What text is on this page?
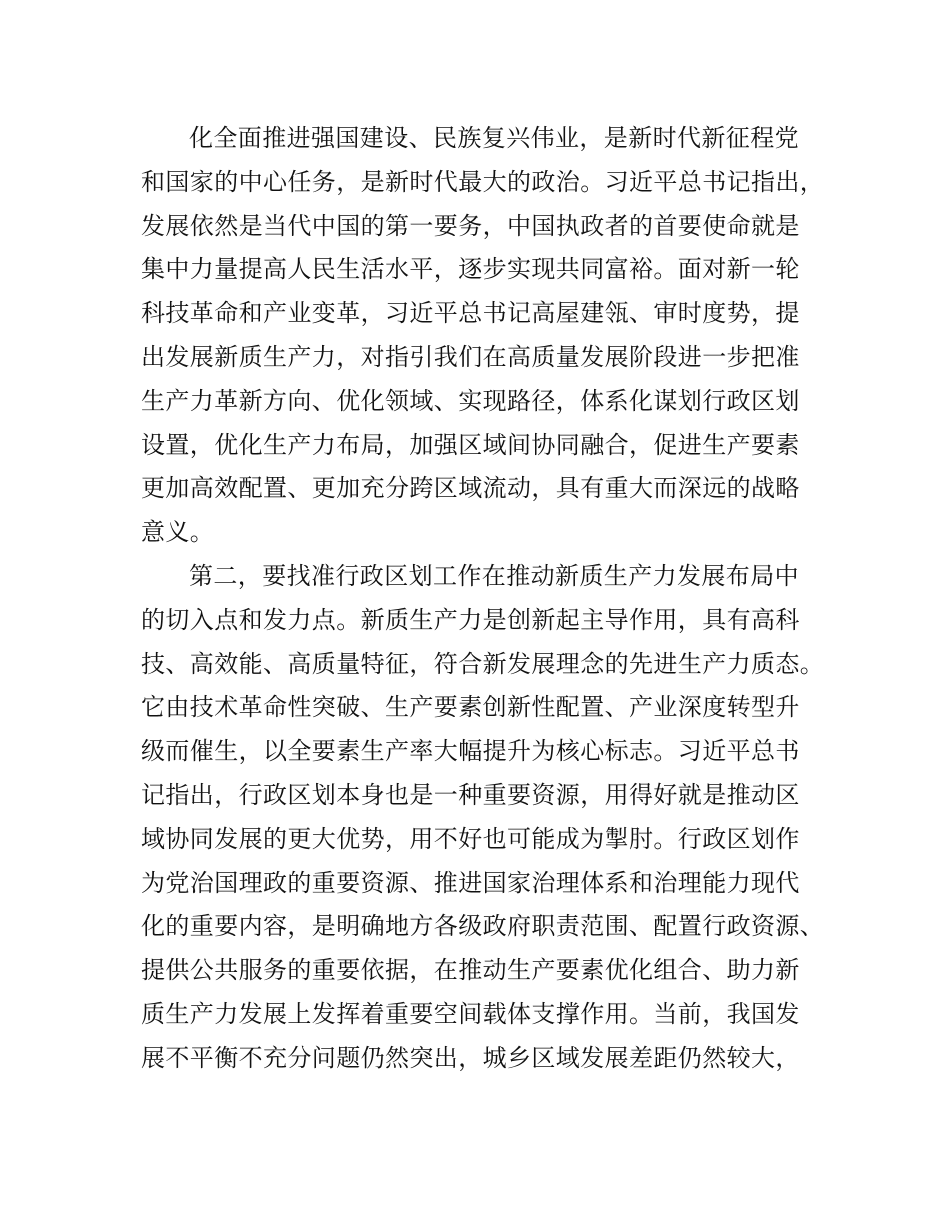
化全面推进强国建设、民族复兴伟业，是新时代新征程党
和国家的中心任务，是新时代最大的政治。习近平总书记指出，
发展依然是当代中国的第一要务，中国执政者的首要使命就是
集中力量提高人民生活水平，逐步实现共同富裕。面对新一轮
科技革命和产业变革，习近平总书记高屋建瓴、审时度势，提
出发展新质生产力，对指引我们在高质量发展阶段进一步把准
生产力革新方向、优化领域、实现路径，体系化谋划行政区划
设置，优化生产力布局，加强区域间协同融合，促进生产要素
更加高效配置、更加充分跨区域流动，具有重大而深远的战略
意义。
第二，要找准行政区划工作在推动新质生产力发展布局中
的切入点和发力点。新质生产力是创新起主导作用，具有高科
技、高效能、高质量特征，符合新发展理念的先进生产力质态。
它由技术革命性突破、生产要素创新性配置、产业深度转型升
级而催生，以全要素生产率大幅提升为核心标志。习近平总书
记指出，行政区划本身也是一种重要资源，用得好就是推动区
域协同发展的更大优势，用不好也可能成为掣肘。行政区划作
为党治国理政的重要资源、推进国家治理体系和治理能力现代
化的重要内容，是明确地方各级政府职责范围、配置行政资源、
提供公共服务的重要依据，在推动生产要素优化组合、助力新
质生产力发展上发挥着重要空间载体支撑作用。当前，我国发
展不平衡不充分问题仍然突出，城乡区域发展差距仍然较大，
